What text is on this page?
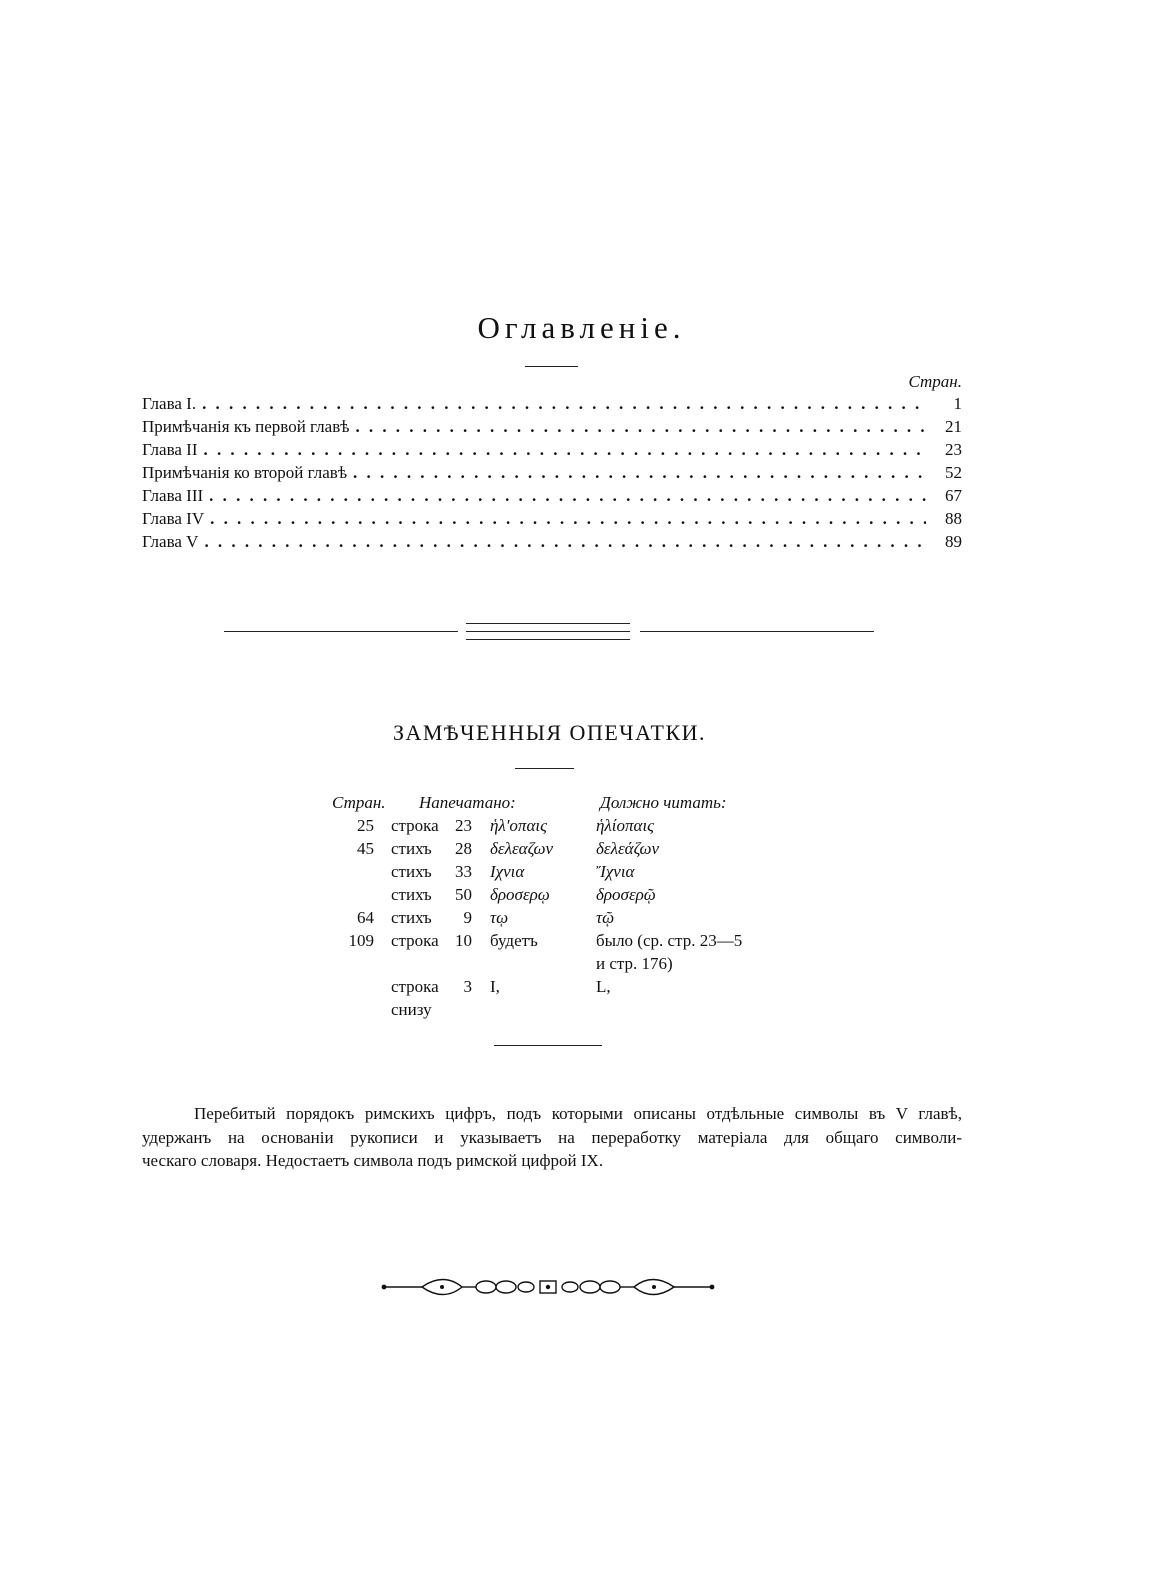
Оглавленіе.
Стран.
Глава I. .....	1
Примѣчанія къ первой главѣ .....	21
Глава II .....	23
Примѣчанія ко второй главѣ .....	52
Глава III .....	67
Глава IV .....	88
Глава V .....	89
ЗАМѢЧЕННЫЯ ОПЕЧАТКИ.
Стран. Напечатано:	Должно читать:
25 строка 23 ἡλ'οπαις	ἡλίοπαις
45 стихъ	28 δελεαζων	δελεάζων
стихъ	33 Ιχνια	Ἴχνια
стихъ	50 δροσερῳ	δροσερῷ
64 стихъ	9 τῳ	τῷ
109 строка 10 будетъ	было (ср. стр. 23—5
и стр. 176)
строка	3 I,	L,
снизу
Перебитый порядокъ римскихъ цифръ, подъ которыми описаны отдѣльные символы въ V главѣ,
удержанъ на основаніи рукописи и указываетъ на переработку матеріала для общаго символи-
ческаго словаря. Недостаетъ символа подъ римской цифрой IX.
